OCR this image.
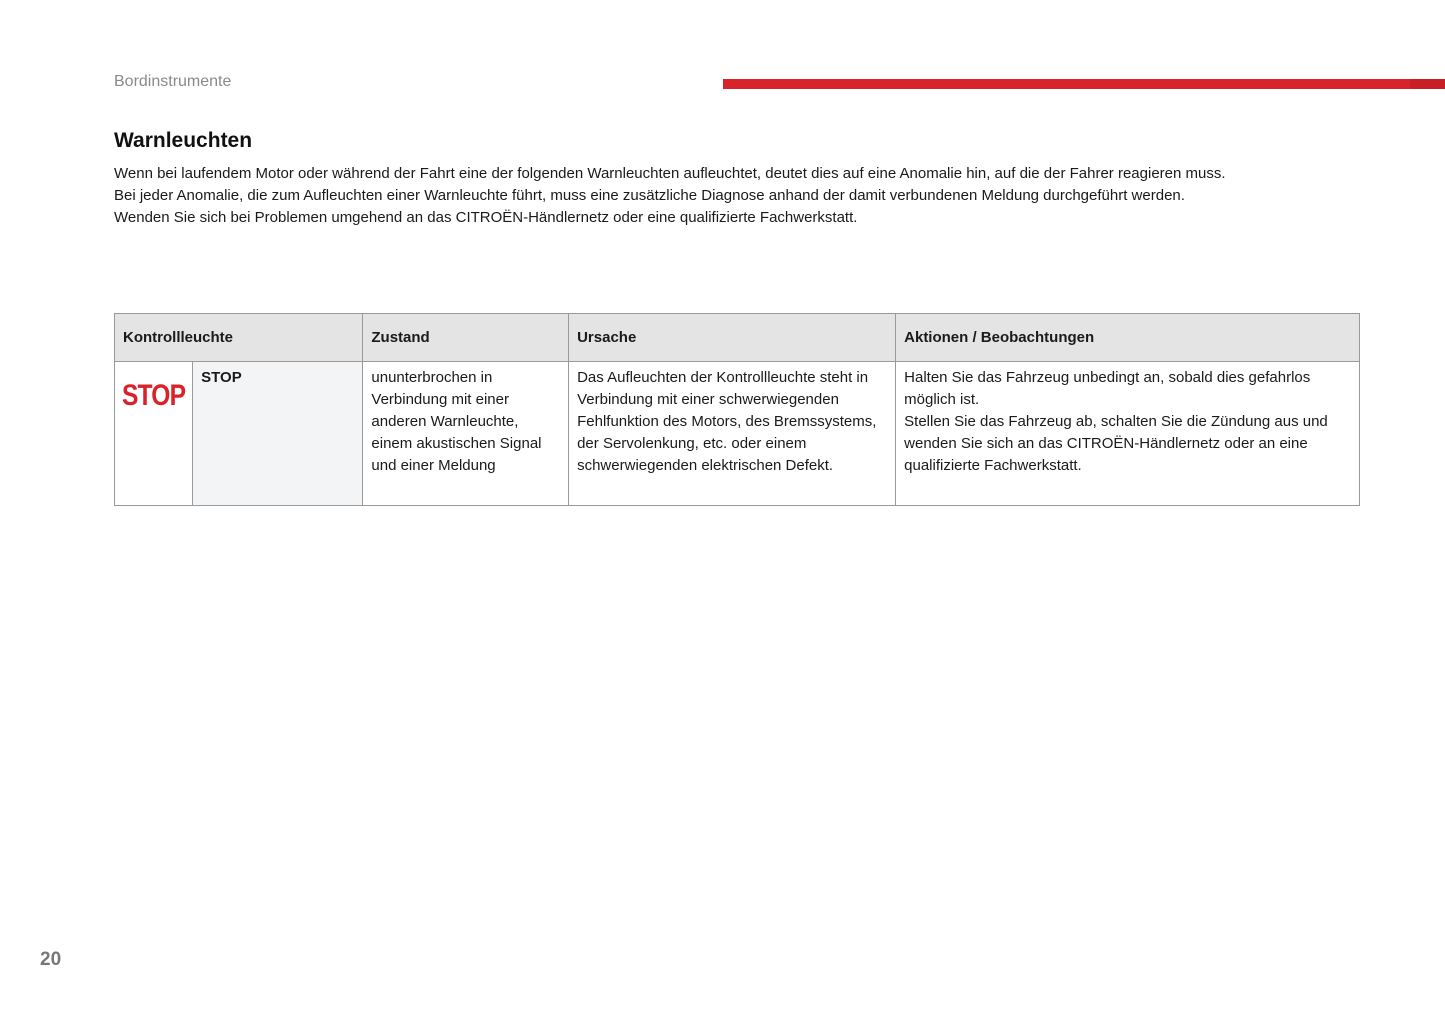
Bordinstrumente
Warnleuchten

Wenn bei laufendem Motor oder während der Fahrt eine der folgenden Warnleuchten aufleuchtet, deutet dies auf eine Anomalie hin, auf die der Fahrer reagieren muss.

Bei jeder Anomalie, die zum Aufleuchten einer Warnleuchte führt, muss eine zusätzliche Diagnose anhand der damit verbundenen Meldung durchgeführt werden.

Wenden Sie sich bei Problemen umgehend an das CITROËN-Händlernetz oder eine qualifizierte Fachwerkstatt.

Kontrollleuchte		Zustand	Ursache	Aktionen / Beobachtungen

STOP	STOP	ununterbrochen in Verbindung mit einer anderen Warnleuchte, einem akustischen Signal und einer Meldung	Das Aufleuchten der Kontrollleuchte steht in Verbindung mit einer schwerwiegenden Fehlfunktion des Motors, des Bremssystems, der Servolenkung, etc. oder einem schwerwiegenden elektrischen Defekt.	Halten Sie das Fahrzeug unbedingt an, sobald dies gefahrlos möglich ist.
Stellen Sie das Fahrzeug ab, schalten Sie die Zündung aus und wenden Sie sich an das CITROËN-Händlernetz oder an eine qualifizierte Fachwerkstatt.
20
